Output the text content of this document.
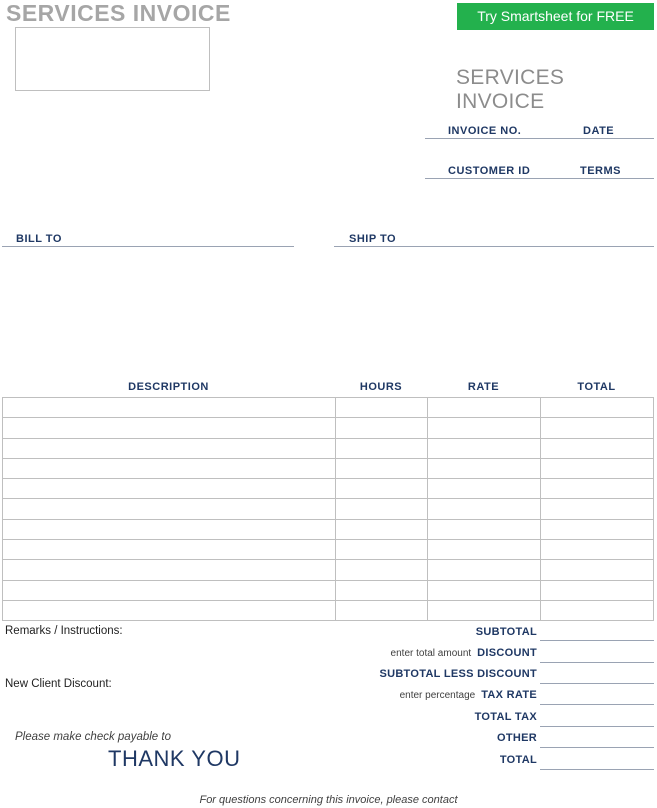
SERVICES INVOICE	Try Smartsheet for FREE
SERVICES INVOICE
INVOICE NO.	DATE
CUSTOMER ID	TERMS
BILL TO	SHIP TO
DESCRIPTION	HOURS	RATE	TOTAL

Remarks / Instructions:
New Client Discount:
SUBTOTAL
enter total amount DISCOUNT
SUBTOTAL LESS DISCOUNT
enter percentage TAX RATE
TOTAL TAX
OTHER
TOTAL
Please make check payable to
THANK YOU
For questions concerning this invoice, please contact
